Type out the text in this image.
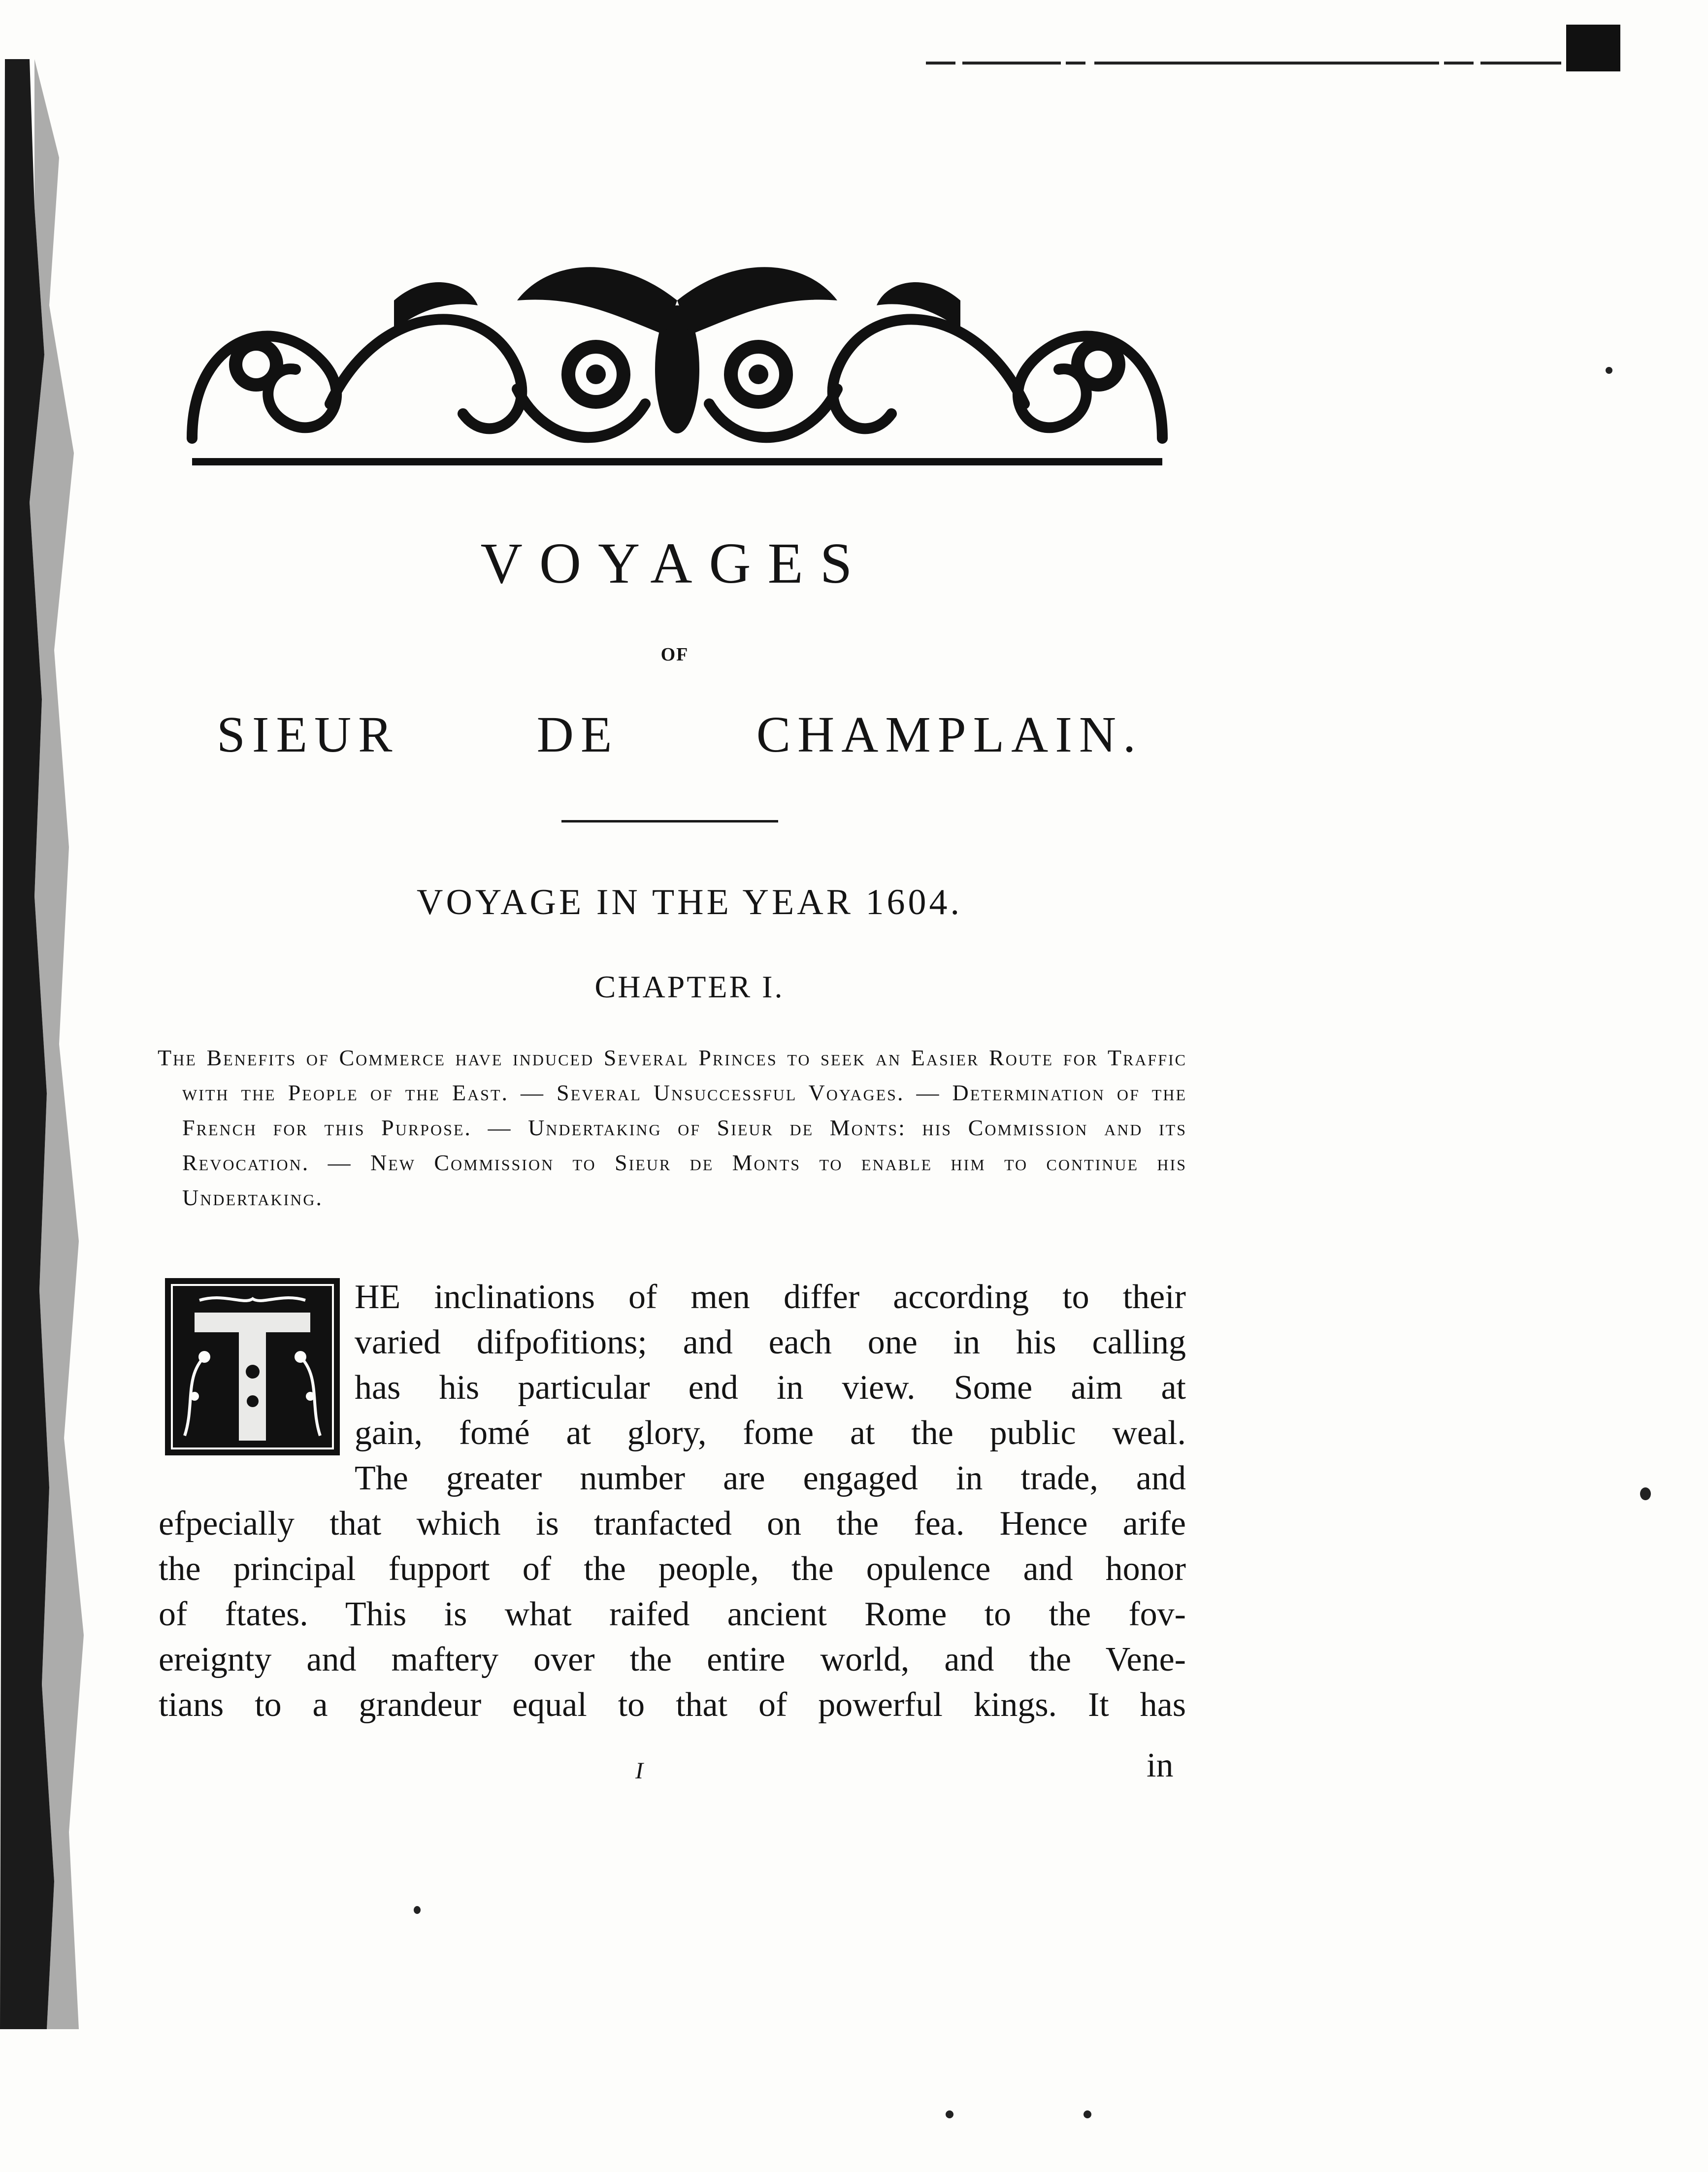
VOYAGES
OF
SIEUR	DE	CHAMPLAIN.
VOYAGE IN THE YEAR 1604.
CHAPTER I.
The Benefits of Commerce have induced Several Princes to seek an Easier Route for Traffic with the People of the East. — Several Unsuccessful Voyages. — Determination of the French for this Purpose. — Undertaking of Sieur de Monts: his Commission and its Revocation. — New Commission to Sieur de Monts to enable him to continue his Undertaking.
HE inclinations of men differ according to their
varied difpofitions; and each one in his calling
has his particular end in view. Some aim at
gain, fomé at glory, fome at the public weal.
The greater number are engaged in trade, and
efpecially that which is tranfacted on the fea. Hence arife
the principal fupport of the people, the opulence and honor
of ftates. This is what raifed ancient Rome to the fov-
ereignty and maftery over the entire world, and the Vene-
tians to a grandeur equal to that of powerful kings. It has
I	in
